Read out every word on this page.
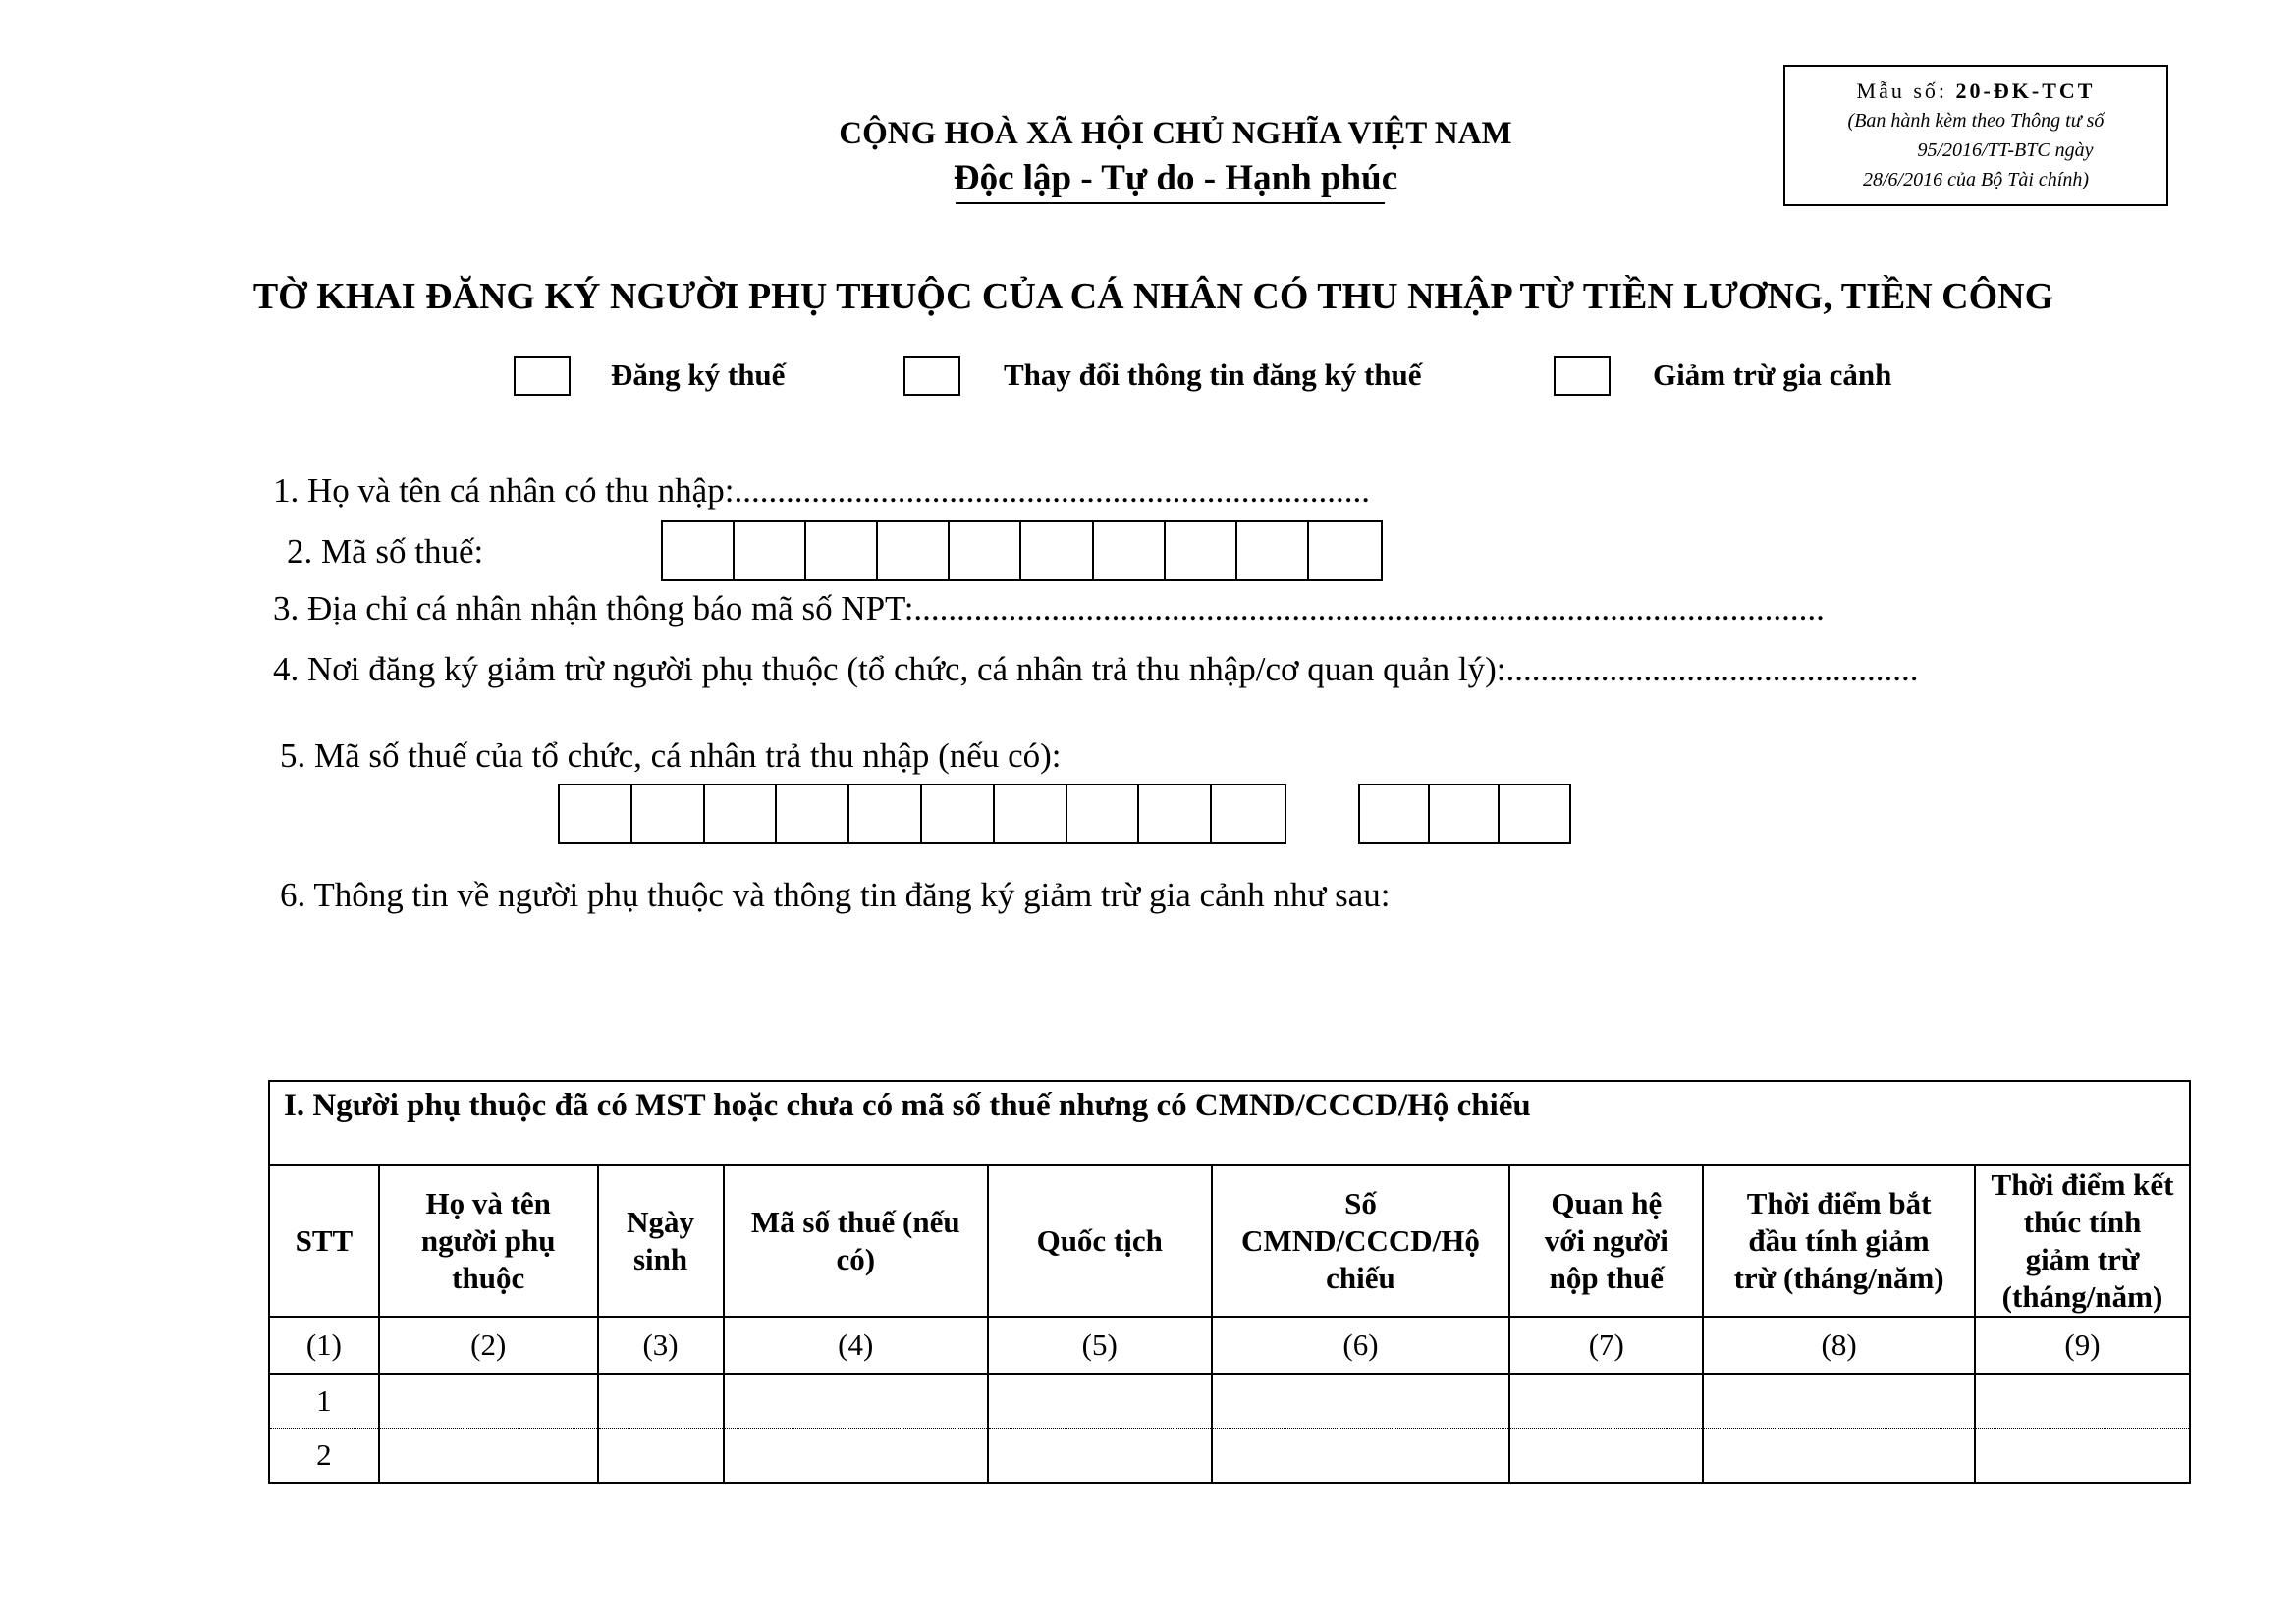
Mẫu số: 20-ĐK-TCT
(Ban hành kèm theo Thông tư số
95/2016/TT-BTC ngày
28/6/2016 của Bộ Tài chính)
CỘNG HOÀ XÃ HỘI CHỦ NGHĨA VIỆT NAM
Độc lập - Tự do - Hạnh phúc
TỜ KHAI ĐĂNG KÝ NGƯỜI PHỤ THUỘC CỦA CÁ NHÂN CÓ THU NHẬP TỪ TIỀN LƯƠNG, TIỀN CÔNG
Đăng ký thuế	Thay đổi thông tin đăng ký thuế	Giảm trừ gia cảnh
1. Họ và tên cá nhân có thu nhập:..........................................................................
2. Mã số thuế:
3. Địa chỉ cá nhân nhận thông báo mã số NPT:..........................................................................................................
4. Nơi đăng ký giảm trừ người phụ thuộc (tổ chức, cá nhân trả thu nhập/cơ quan quản lý):................................................
5. Mã số thuế của tổ chức, cá nhân trả thu nhập (nếu có):
6. Thông tin về người phụ thuộc và thông tin đăng ký giảm trừ gia cảnh như sau:
I. Người phụ thuộc đã có MST hoặc chưa có mã số thuế nhưng có CMND/CCCD/Hộ chiếu								
STT	Họ và tên người phụ thuộc	Ngày sinh	Mã số thuế (nếu có)	Quốc tịch	Số CMND/CCCD/Hộ chiếu	Quan hệ với người nộp thuế	Thời điểm bắt đầu tính giảm trừ (tháng/năm)	Thời điểm kết thúc tính giảm trừ (tháng/năm)
(1)	(2)	(3)	(4)	(5)	(6)	(7)	(8)	(9)
1								
2								
